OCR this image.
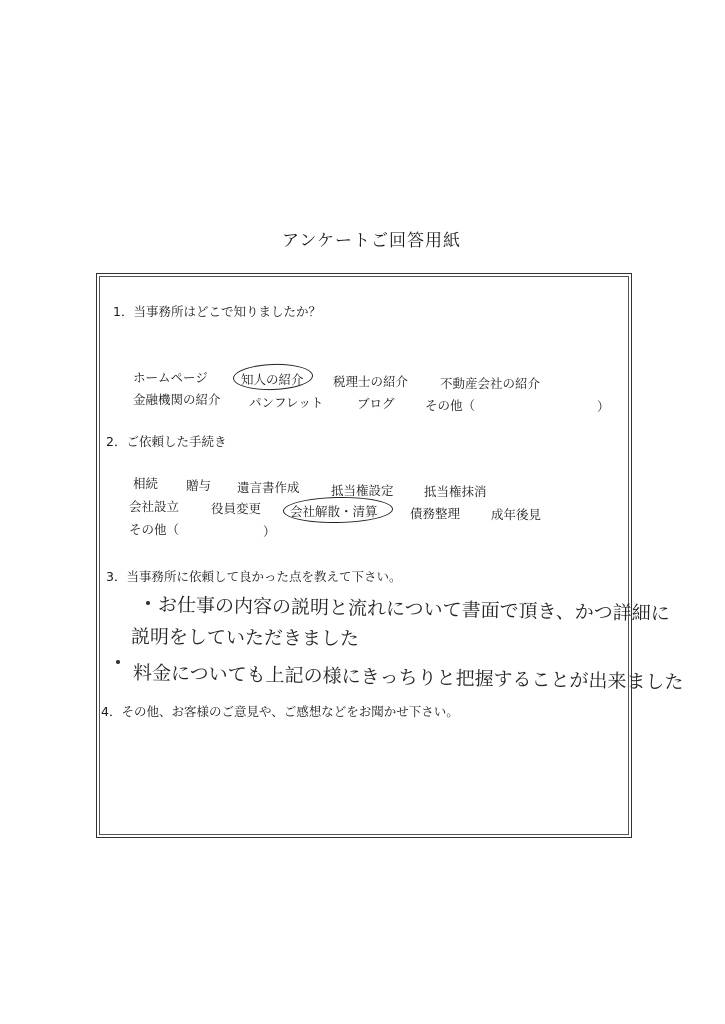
アンケートご回答用紙
1．当事務所はどこで知りましたか？
ホームページ	知人の紹介 税理士の紹介	不動産会社の紹介
金融機関の紹介 パンフレット	ブログ その他（	）
2．ご依頼した手続き
相続 贈与 遺言書作成	抵当権設定 抵当権抹消
会社設立	役員変更 会社解散・清算	債務整理 成年後見
その他（	）
3．当事務所に依頼して良かった点を教えて下さい。
お仕事の内容の説明と流れについて書面で頂き、かつ詳細に
説明をしていただきました
料金についても上記の様にきっちりと把握することが出来ました
4．その他、お客様のご意見や、ご感想などをお聞かせ下さい。
